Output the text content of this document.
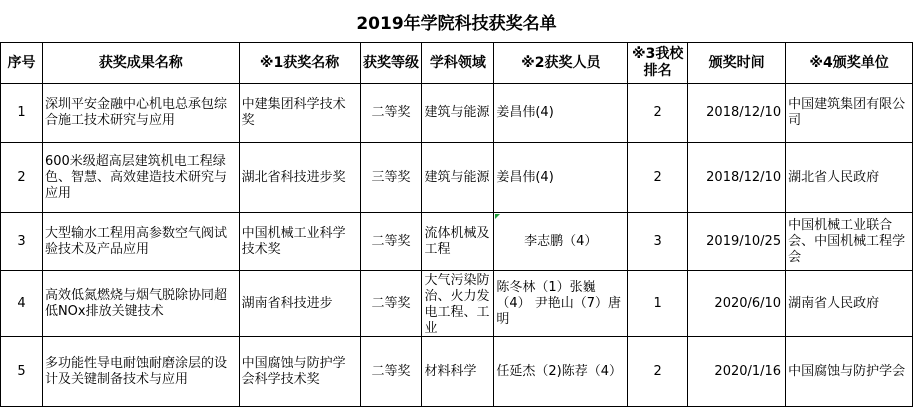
2019年学院科技获奖名单
序号	获奖成果名称	※1获奖名称	获奖等级	学科领域	※2获奖人员	※3我校排名	颁奖时间	※4颁奖单位
1	深圳平安金融中心机电总承包综合施工技术研究与应用	中建集团科学技术奖	二等奖	建筑与能源	姜昌伟(4)	2	2018/12/10	中国建筑集团有限公司
2	600米级超高层建筑机电工程绿色、智慧、高效建造技术研究与应用	湖北省科技进步奖	三等奖	建筑与能源	姜昌伟(4)	2	2018/12/10	湖北省人民政府
3	大型输水工程用高参数空气阀试验技术及产品应用	中国机械工业科学技术奖	二等奖	流体机械及工程	李志鹏（4）	3	2019/10/25	中国机械工业联合会、中国机械工程学会
4	高效低氮燃烧与烟气脱除协同超低NOx排放关键技术	湖南省科技进步	二等奖	大气污染防治、火力发电工程、工业	陈冬林（1）张巍（4） 尹艳山（7）唐明	1	2020/6/10	湖南省人民政府
5	多功能性导电耐蚀耐磨涂层的设计及关键制备技术与应用	中国腐蚀与防护学会科学技术奖	二等奖	材料科学	任延杰（2)陈荐（4）	2	2020/1/16	中国腐蚀与防护学会
